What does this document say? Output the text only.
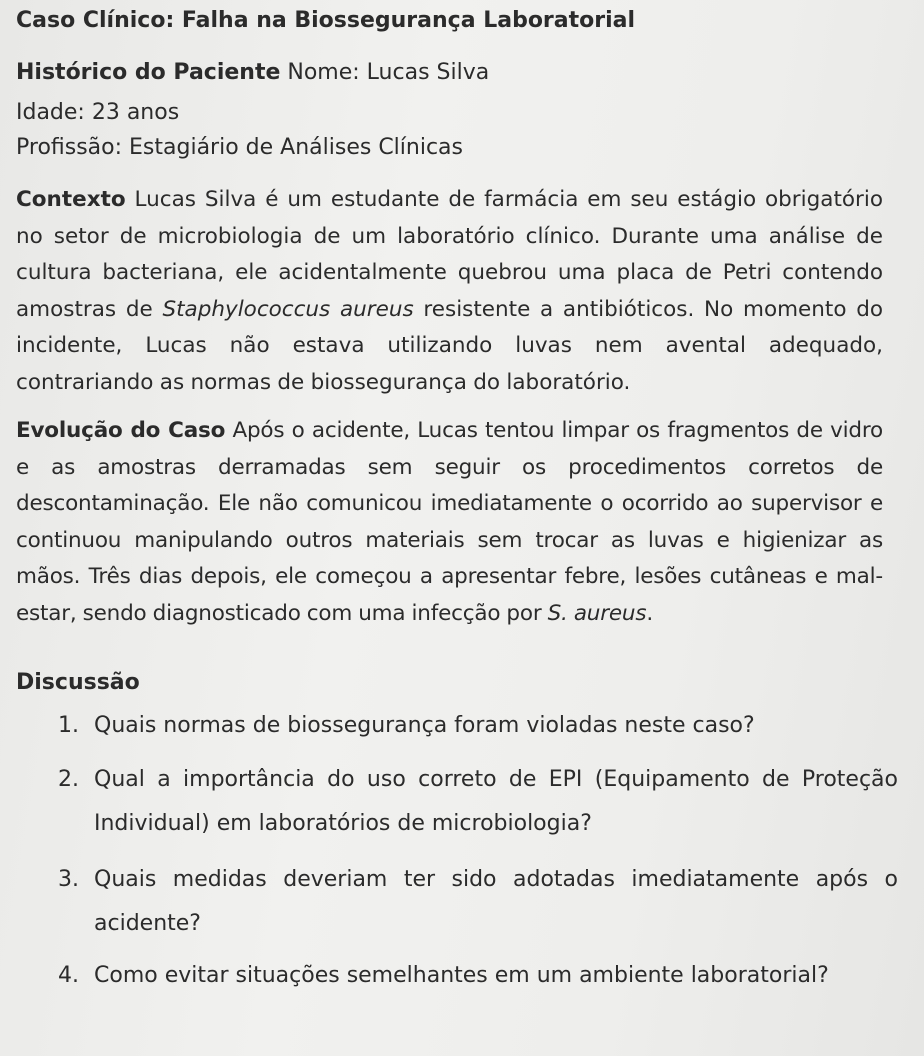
Caso Clínico: Falha na Biossegurança Laboratorial
Histórico do Paciente Nome: Lucas Silva
Idade: 23 anos
Profissão: Estagiário de Análises Clínicas
Contexto Lucas Silva é um estudante de farmácia em seu estágio obrigatório no setor de microbiologia de um laboratório clínico. Durante uma análise de cultura bacteriana, ele acidentalmente quebrou uma placa de Petri contendo amostras de Staphylococcus aureus resistente a antibióticos. No momento do incidente, Lucas não estava utilizando luvas nem avental adequado, contrariando as normas de biossegurança do laboratório.
Evolução do Caso Após o acidente, Lucas tentou limpar os fragmentos de vidro e as amostras derramadas sem seguir os procedimentos corretos de descontaminação. Ele não comunicou imediatamente o ocorrido ao supervisor e continuou manipulando outros materiais sem trocar as luvas e higienizar as mãos. Três dias depois, ele começou a apresentar febre, lesões cutâneas e mal-estar, sendo diagnosticado com uma infecção por S. aureus.
Discussão
1. Quais normas de biossegurança foram violadas neste caso?
2. Qual a importância do uso correto de EPI (Equipamento de Proteção Individual) em laboratórios de microbiologia?
3. Quais medidas deveriam ter sido adotadas imediatamente após o acidente?
4. Como evitar situações semelhantes em um ambiente laboratorial?
